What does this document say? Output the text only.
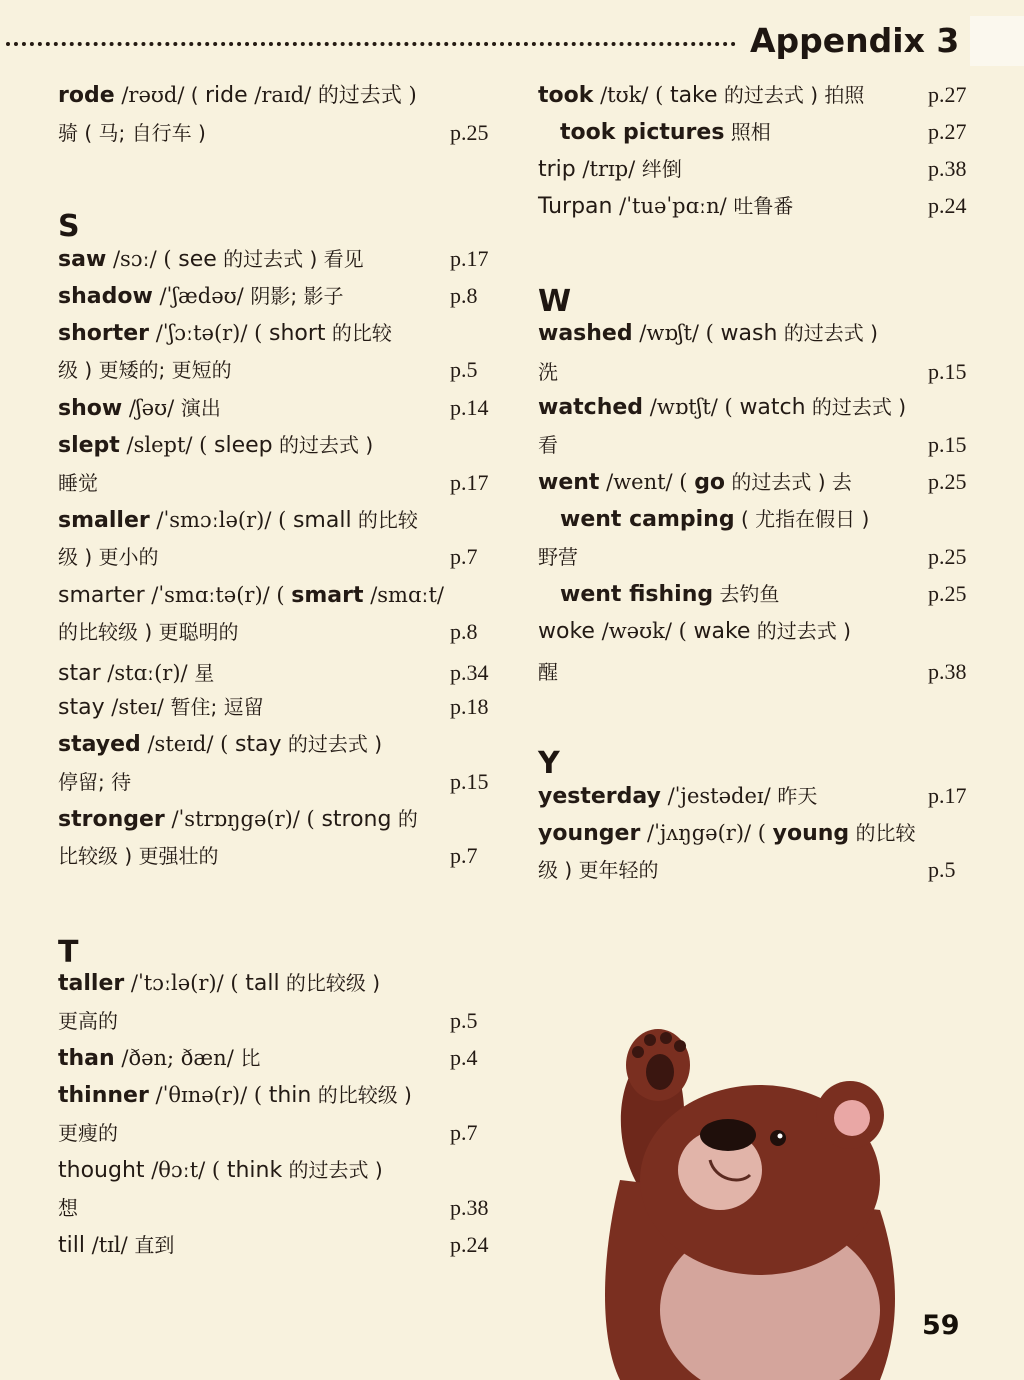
Appendix 3
rode /rəʊd/ ( ride /raɪd/ 的过去式 )
骑 ( 马; 自行车 )	p.25
S
saw /sɔː/ ( see 的过去式 ) 看见	p.17
shadow /ˈʃædəʊ/ 阴影; 影子	p.8
shorter /ˈʃɔːtə(r)/ ( short 的比较
级 ) 更矮的; 更短的	p.5
show /ʃəʊ/ 演出	p.14
slept /slept/ ( sleep 的过去式 )
睡觉	p.17
smaller /ˈsmɔːlə(r)/ ( small 的比较
级 ) 更小的	p.7
smarter /ˈsmɑːtə(r)/ ( smart /smɑːt/
的比较级 ) 更聪明的	p.8
star /stɑː(r)/ 星	p.34
stay /steɪ/ 暂住; 逗留	p.18
stayed /steɪd/ ( stay 的过去式 )
停留; 待	p.15
stronger /ˈstrɒŋgə(r)/ ( strong 的
比较级 ) 更强壮的	p.7
T
taller /ˈtɔːlə(r)/ ( tall 的比较级 )
更高的	p.5
than /ðən; ðæn/ 比	p.4
thinner /ˈθɪnə(r)/ ( thin 的比较级 )
更瘦的	p.7
thought /θɔːt/ ( think 的过去式 )
想	p.38
till /tɪl/ 直到	p.24
took /tʊk/ ( take 的过去式 ) 拍照	p.27
took pictures 照相	p.27
trip /trɪp/ 绊倒	p.38
Turpan /ˈtuəˈpɑːn/ 吐鲁番	p.24
W
washed /wɒʃt/ ( wash 的过去式 )
洗	p.15
watched /wɒtʃt/ ( watch 的过去式 )
看	p.15
went /went/ ( go 的过去式 ) 去	p.25
went camping ( 尤指在假日 )
野营	p.25
went fishing 去钓鱼	p.25
woke /wəʊk/ ( wake 的过去式 )
醒	p.38
Y
yesterday /ˈjestədeɪ/ 昨天	p.17
younger /ˈjʌŋgə(r)/ ( young 的比较
级 ) 更年轻的	p.5
59
